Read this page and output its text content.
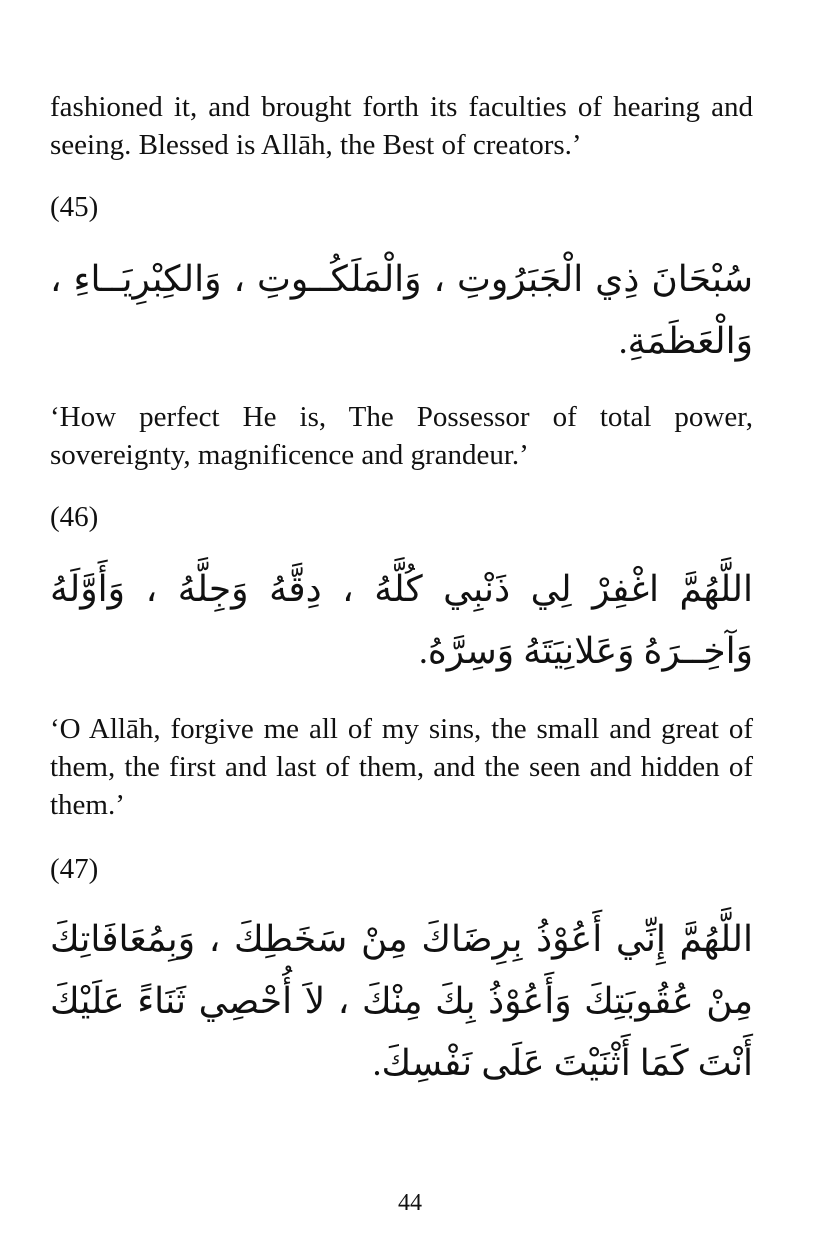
fashioned it, and brought forth its faculties of hearing and seeing. Blessed is Allāh, the Best of creators.’

(45)

سُبْحَانَ ذِي الْجَبَرُوتِ ، وَالْمَلَكُــوتِ ، وَالكِبْرِيَــاءِ ، وَالْعَظَمَةِ.

‘How perfect He is, The Possessor of total power, sovereignty, magnificence and grandeur.’

(46)

اللَّهُمَّ اغْفِرْ لِي ذَنْبِي كُلَّهُ ، دِقَّهُ وَجِلَّهُ ، وَأَوَّلَهُ وَآخِــرَهُ وَعَلانِيَتَهُ وَسِرَّهُ.

‘O Allāh, forgive me all of my sins, the small and great of them, the first and last of them, and the seen and hidden of them.’

(47)

اللَّهُمَّ إِنِّي أَعُوْذُ بِرِضَاكَ مِنْ سَخَطِكَ ، وَبِمُعَافَاتِكَ مِنْ عُقُوبَتِكَ وَأَعُوْذُ بِكَ مِنْكَ ، لاَ أُحْصِي ثَنَاءً عَلَيْكَ أَنْتَ كَمَا أَثْنَيْتَ عَلَى نَفْسِكَ.

44
